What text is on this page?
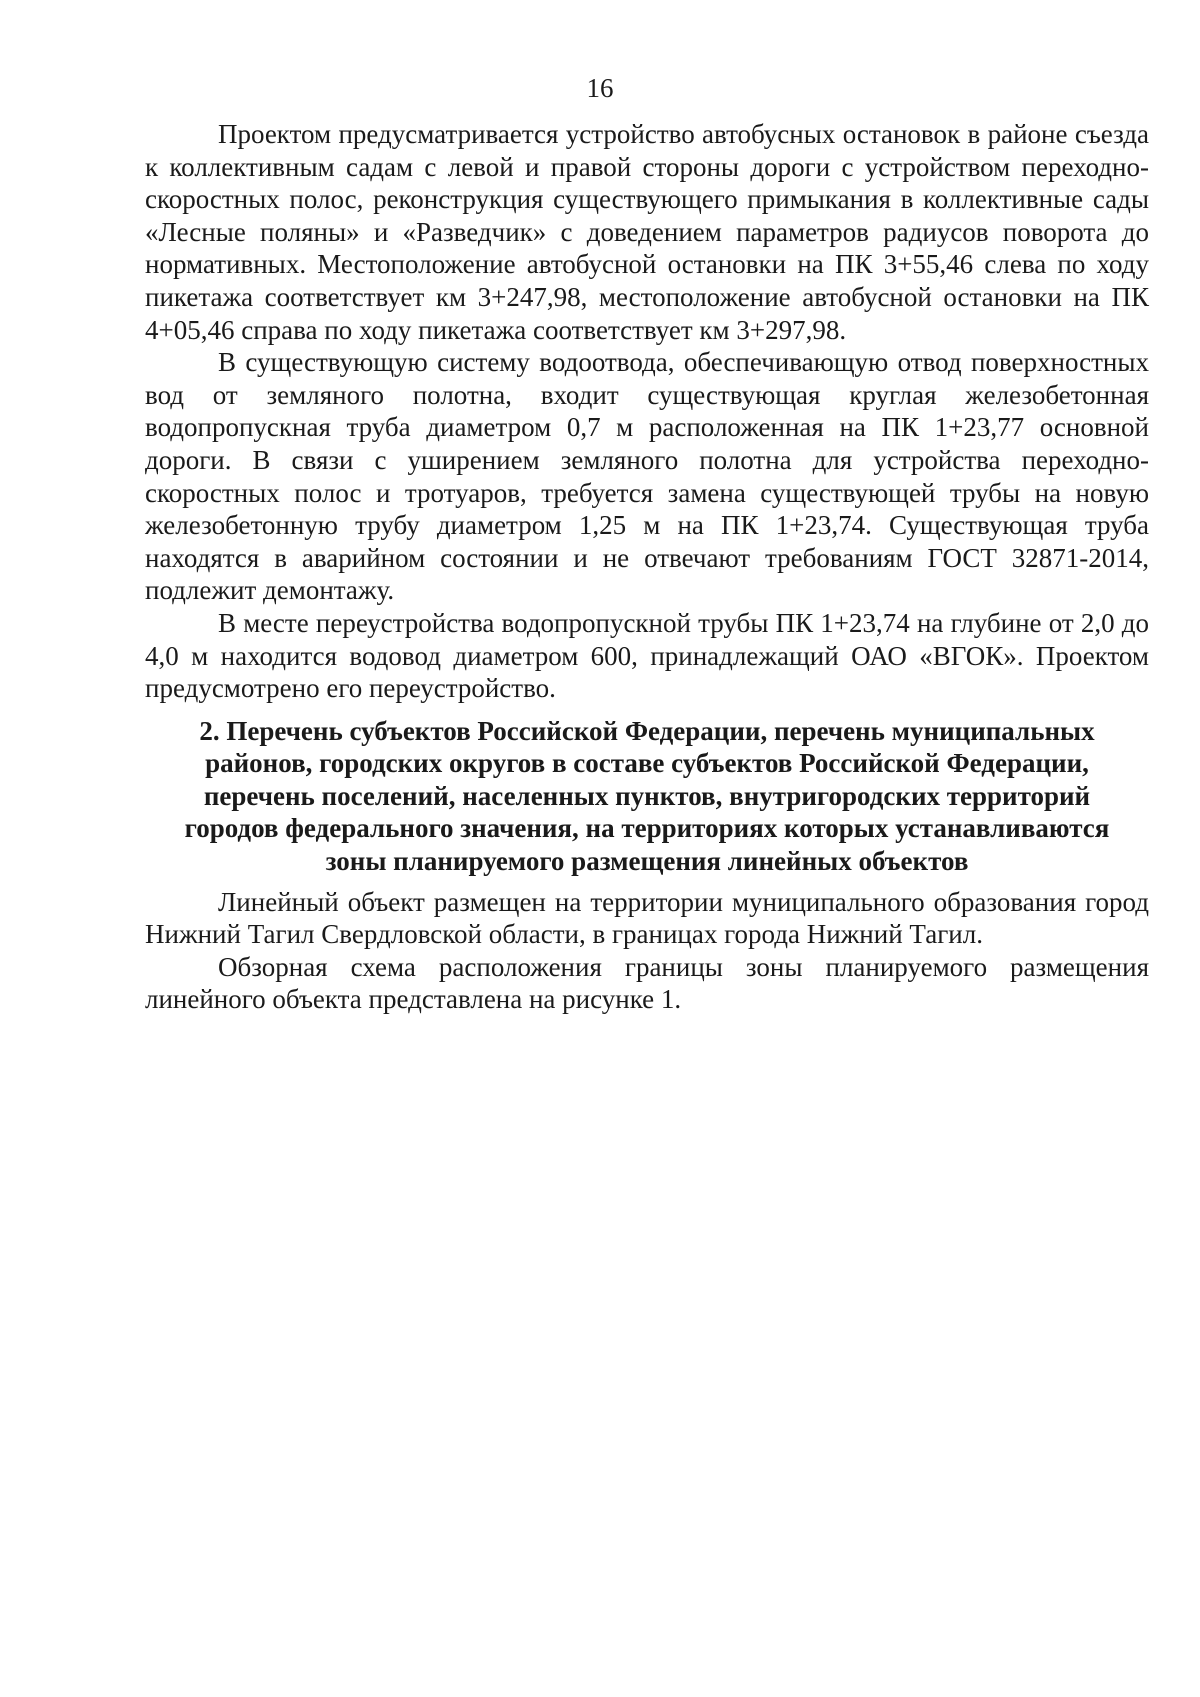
16

Проектом предусматривается устройство автобусных остановок в районе съезда к коллективным садам с левой и правой стороны дороги с устройством переходно-скоростных полос, реконструкция существующего примыкания в коллективные сады «Лесные поляны» и «Разведчик» с доведением параметров радиусов поворота до нормативных. Местоположение автобусной остановки на ПК 3+55,46 слева по ходу пикетажа соответствует км 3+247,98, местоположение автобусной остановки на ПК 4+05,46 справа по ходу пикетажа соответствует км 3+297,98.

В существующую систему водоотвода, обеспечивающую отвод поверхностных вод от земляного полотна, входит существующая круглая железобетонная водопропускная труба диаметром 0,7 м расположенная на ПК 1+23,77 основной дороги. В связи с уширением земляного полотна для устройства переходно-скоростных полос и тротуаров, требуется замена существующей трубы на новую железобетонную трубу диаметром 1,25 м на ПК 1+23,74. Существующая труба находятся в аварийном состоянии и не отвечают требованиям ГОСТ 32871-2014, подлежит демонтажу.

В месте переустройства водопропускной трубы ПК 1+23,74 на глубине от 2,0 до 4,0 м находится водовод диаметром 600, принадлежащий ОАО «ВГОК». Проектом предусмотрено его переустройство.

2. Перечень субъектов Российской Федерации, перечень муниципальных районов, городских округов в составе субъектов Российской Федерации, перечень поселений, населенных пунктов, внутригородских территорий городов федерального значения, на территориях которых устанавливаются зоны планируемого размещения линейных объектов

Линейный объект размещен на территории муниципального образования город Нижний Тагил Свердловской области, в границах города Нижний Тагил.

Обзорная схема расположения границы зоны планируемого размещения линейного объекта представлена на рисунке 1.
